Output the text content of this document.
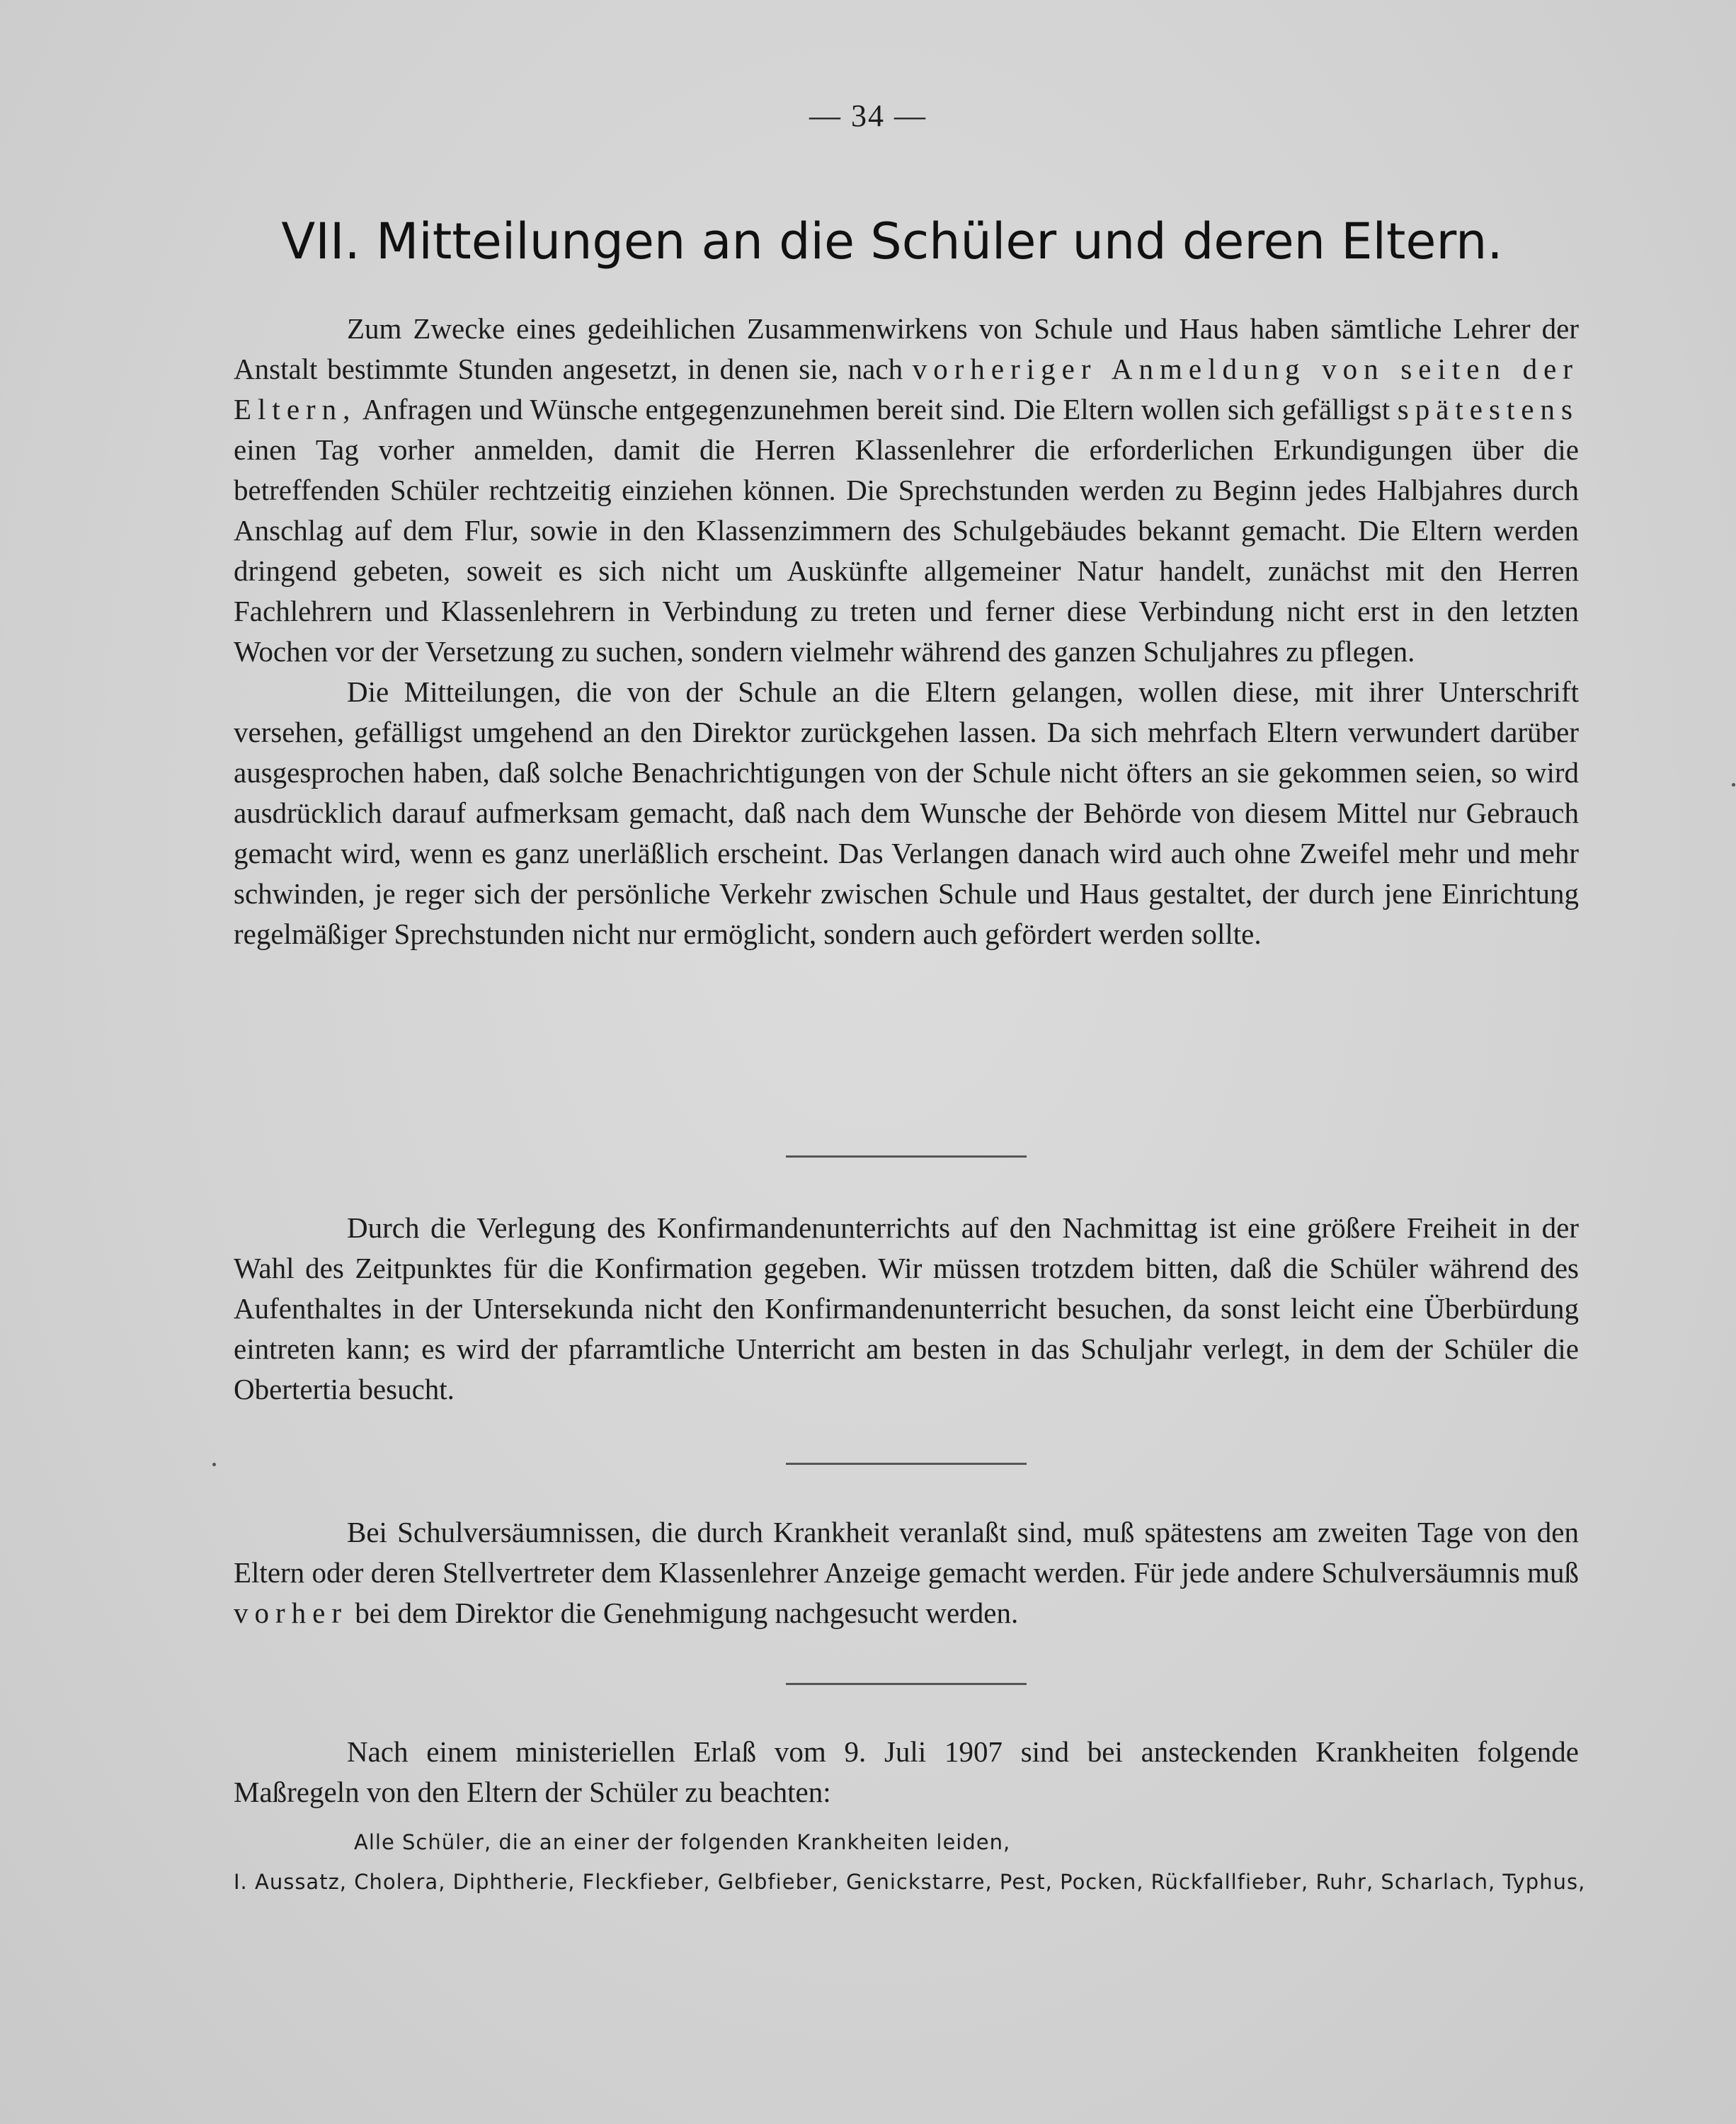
— 34 —
VII. Mitteilungen an die Schüler und deren Eltern.

Zum Zwecke eines gedeihlichen Zusammenwirkens von Schule und Haus haben sämtliche Lehrer der Anstalt bestimmte Stunden angesetzt, in denen sie, nach vorheriger Anmeldung von seiten der Eltern, Anfragen und Wünsche entgegenzunehmen bereit sind. Die Eltern wollen sich gefälligst spätestens einen Tag vorher anmelden, damit die Herren Klassenlehrer die erforderlichen Erkundigungen über die betreffenden Schüler rechtzeitig einziehen können. Die Sprechstunden werden zu Beginn jedes Halbjahres durch Anschlag auf dem Flur, sowie in den Klassenzimmern des Schulgebäudes bekannt gemacht. Die Eltern werden dringend gebeten, soweit es sich nicht um Auskünfte allgemeiner Natur handelt, zunächst mit den Herren Fachlehrern und Klassenlehrern in Verbindung zu treten und ferner diese Verbindung nicht erst in den letzten Wochen vor der Versetzung zu suchen, sondern vielmehr während des ganzen Schuljahres zu pflegen.

Die Mitteilungen, die von der Schule an die Eltern gelangen, wollen diese, mit ihrer Unterschrift versehen, gefälligst umgehend an den Direktor zurückgehen lassen. Da sich mehrfach Eltern verwundert darüber ausgesprochen haben, daß solche Benachrichtigungen von der Schule nicht öfters an sie gekommen seien, so wird ausdrücklich darauf aufmerksam gemacht, daß nach dem Wunsche der Behörde von diesem Mittel nur Gebrauch gemacht wird, wenn es ganz unerläßlich erscheint. Das Verlangen danach wird auch ohne Zweifel mehr und mehr schwinden, je reger sich der persönliche Verkehr zwischen Schule und Haus gestaltet, der durch jene Einrichtung regelmäßiger Sprechstunden nicht nur ermöglicht, sondern auch gefördert werden sollte.

Durch die Verlegung des Konfirmandenunterrichts auf den Nachmittag ist eine größere Freiheit in der Wahl des Zeitpunktes für die Konfirmation gegeben. Wir müssen trotzdem bitten, daß die Schüler während des Aufenthaltes in der Untersekunda nicht den Konfirmandenunterricht besuchen, da sonst leicht eine Überbürdung eintreten kann; es wird der pfarramtliche Unterricht am besten in das Schuljahr verlegt, in dem der Schüler die Obertertia besucht.

Bei Schulversäumnissen, die durch Krankheit veranlaßt sind, muß spätestens am zweiten Tage von den Eltern oder deren Stellvertreter dem Klassenlehrer Anzeige gemacht werden. Für jede andere Schulversäumnis muß vorher bei dem Direktor die Genehmigung nachgesucht werden.

Nach einem ministeriellen Erlaß vom 9. Juli 1907 sind bei ansteckenden Krankheiten folgende Maßregeln von den Eltern der Schüler zu beachten:

Alle Schüler, die an einer der folgenden Krankheiten leiden,

I. Aussatz, Cholera, Diphtherie, Fleckfieber, Gelbfieber, Genickstarre, Pest, Pocken, Rückfallfieber, Ruhr, Scharlach, Typhus,
